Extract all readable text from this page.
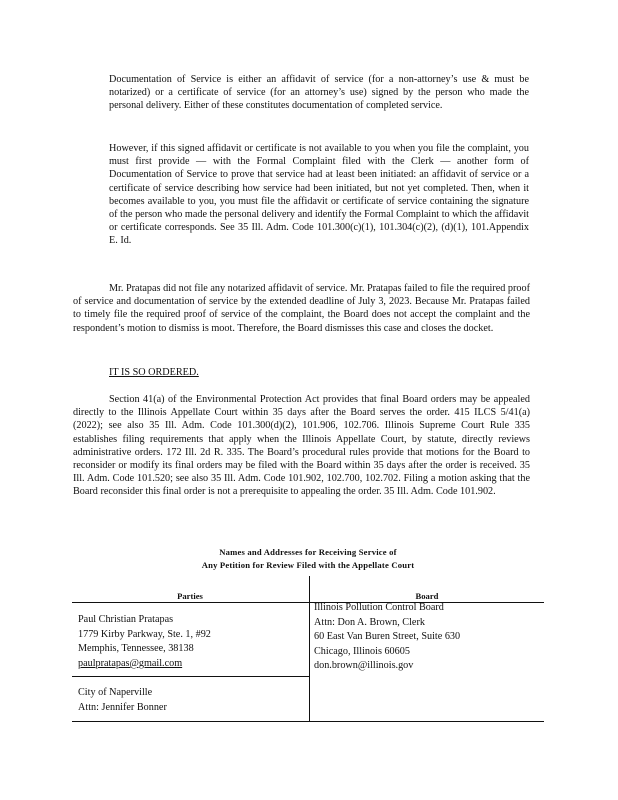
Documentation of Service is either an affidavit of service (for a non-attorney’s use & must be notarized) or a certificate of service (for an attorney’s use) signed by the person who made the personal delivery. Either of these constitutes documentation of completed service.

However, if this signed affidavit or certificate is not available to you when you file the complaint, you must first provide — with the Formal Complaint filed with the Clerk — another form of Documentation of Service to prove that service had at least been initiated: an affidavit of service or a certificate of service describing how service had been initiated, but not yet completed. Then, when it becomes available to you, you must file the affidavit or certificate of service containing the signature of the person who made the personal delivery and identify the Formal Complaint to which the affidavit or certificate corresponds. See 35 Ill. Adm. Code 101.300(c)(1), 101.304(c)(2), (d)(1), 101.Appendix E. Id.

Mr. Pratapas did not file any notarized affidavit of service. Mr. Pratapas failed to file the required proof of service and documentation of service by the extended deadline of July 3, 2023. Because Mr. Pratapas failed to timely file the required proof of service of the complaint, the Board does not accept the complaint and the respondent’s motion to dismiss is moot. Therefore, the Board dismisses this case and closes the docket.

IT IS SO ORDERED.

Section 41(a) of the Environmental Protection Act provides that final Board orders may be appealed directly to the Illinois Appellate Court within 35 days after the Board serves the order. 415 ILCS 5/41(a) (2022); see also 35 Ill. Adm. Code 101.300(d)(2), 101.906, 102.706. Illinois Supreme Court Rule 335 establishes filing requirements that apply when the Illinois Appellate Court, by statute, directly reviews administrative orders. 172 Ill. 2d R. 335. The Board’s procedural rules provide that motions for the Board to reconsider or modify its final orders may be filed with the Board within 35 days after the order is received. 35 Ill. Adm. Code 101.520; see also 35 Ill. Adm. Code 101.902, 102.700, 102.702. Filing a motion asking that the Board reconsider this final order is not a prerequisite to appealing the order. 35 Ill. Adm. Code 101.902.

Names and Addresses for Receiving Service of
Any Petition for Review Filed with the Appellate Court
Parties	Board
Paul Christian Pratapas
1779 Kirby Parkway, Ste. 1, #92
Memphis, Tennessee, 38138
paulpratapas@gmail.com
City of Naperville
Attn: Jennifer Bonner
Illinois Pollution Control Board
Attn: Don A. Brown, Clerk
60 East Van Buren Street, Suite 630
Chicago, Illinois 60605
don.brown@illinois.gov
